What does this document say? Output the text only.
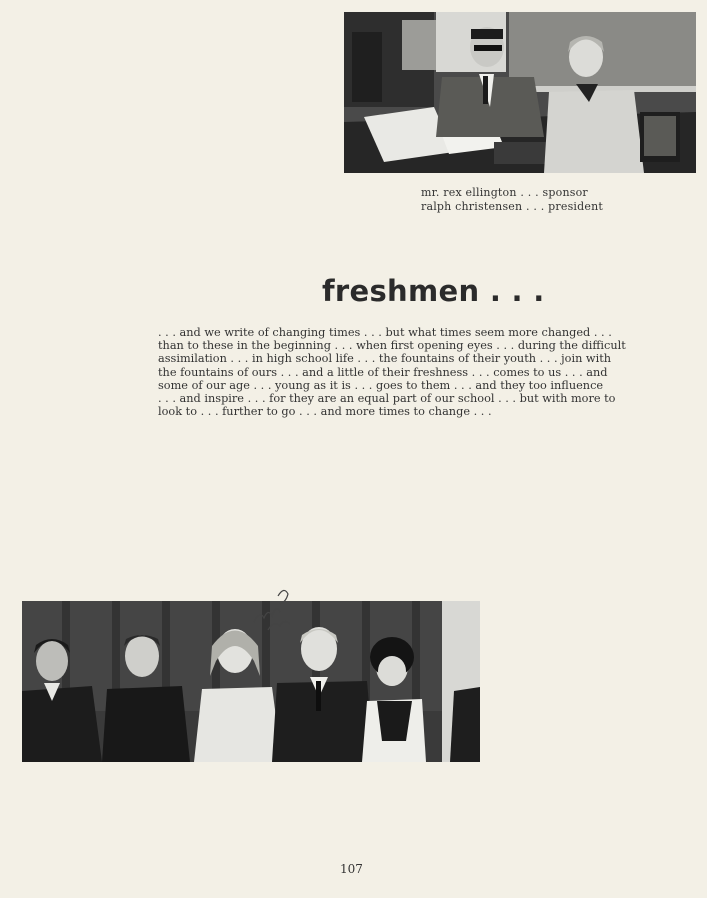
mr. rex ellington . . . sponsor
ralph christensen . . . president
freshmen . . .
. . . and we write of changing times . . . but what times seem more changed . . .
than to these in the beginning . . . when first opening eyes . . . during the difficult
assimilation . . . in high school life . . . the fountains of their youth . . . join with
the fountains of ours . . . and a little of their freshness . . . comes to us . . . and
some of our age . . . young as it is . . . goes to them . . . and they too influence
. . . and inspire . . . for they are an equal part of our school . . . but with more to
look to . . . further to go . . . and more times to change . . .
107
